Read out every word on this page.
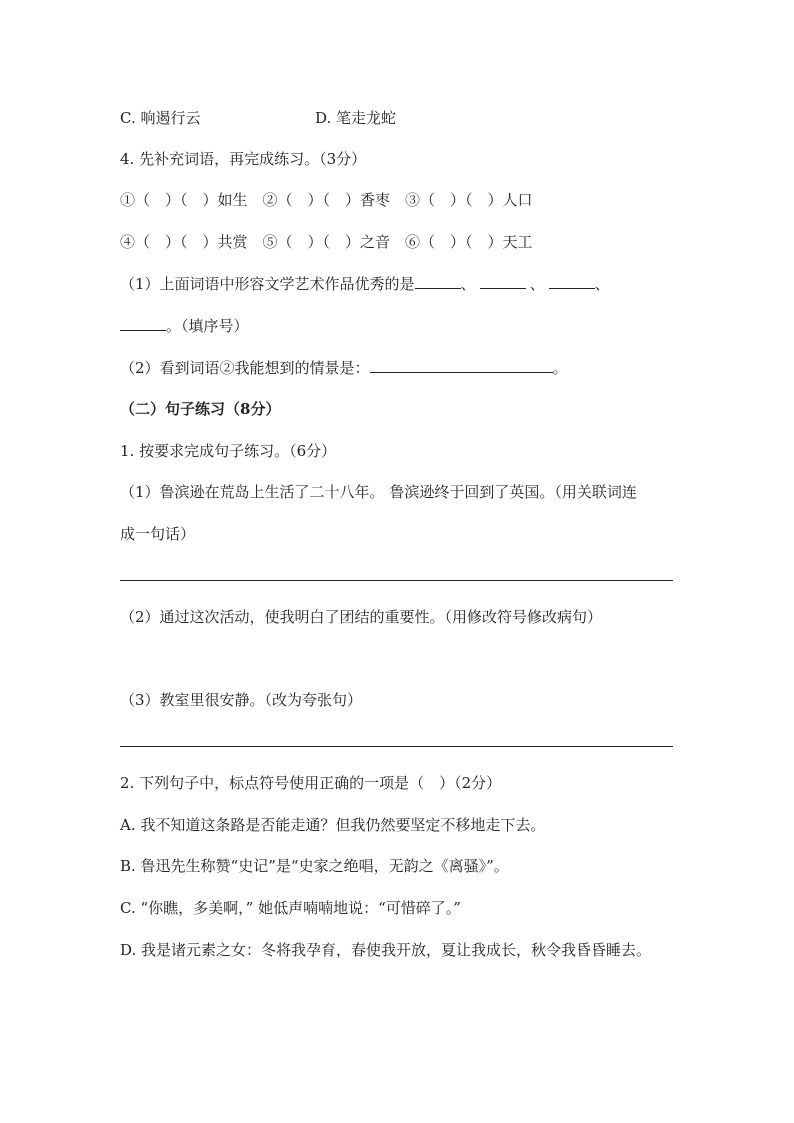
C. 响遏行云	D. 笔走龙蛇
4. 先补充词语，再完成练习。（3分）
①（　）（　）如生　②（　）（　）香枣　③（　）（　）人口
④（　）（　）共赏　⑤（　）（　）之音　⑥（　）（　）天工
（1）上面词语中形容文学艺术作品优秀的是	、	、	、
。（填序号）
（2）看到词语②我能想到的情景是：	。
（二）句子练习（8分）
1. 按要求完成句子练习。（6分）
（1）鲁滨逊在荒岛上生活了二十八年。 鲁滨逊终于回到了英国。（用关联词连
成一句话）
（2）通过这次活动，使我明白了团结的重要性。（用修改符号修改病句）
（3）教室里很安静。（改为夸张句）
2. 下列句子中，标点符号使用正确的一项是（　）（2分）
A. 我不知道这条路是否能走通？但我仍然要坚定不移地走下去。
B. 鲁迅先生称赞“史记”是“史家之绝唱，无韵之《离骚》”。
C. “你瞧，多美啊，” 她低声喃喃地说：“可惜碎了。”
D. 我是诸元素之女：冬将我孕育，春使我开放，夏让我成长，秋令我昏昏睡去。
